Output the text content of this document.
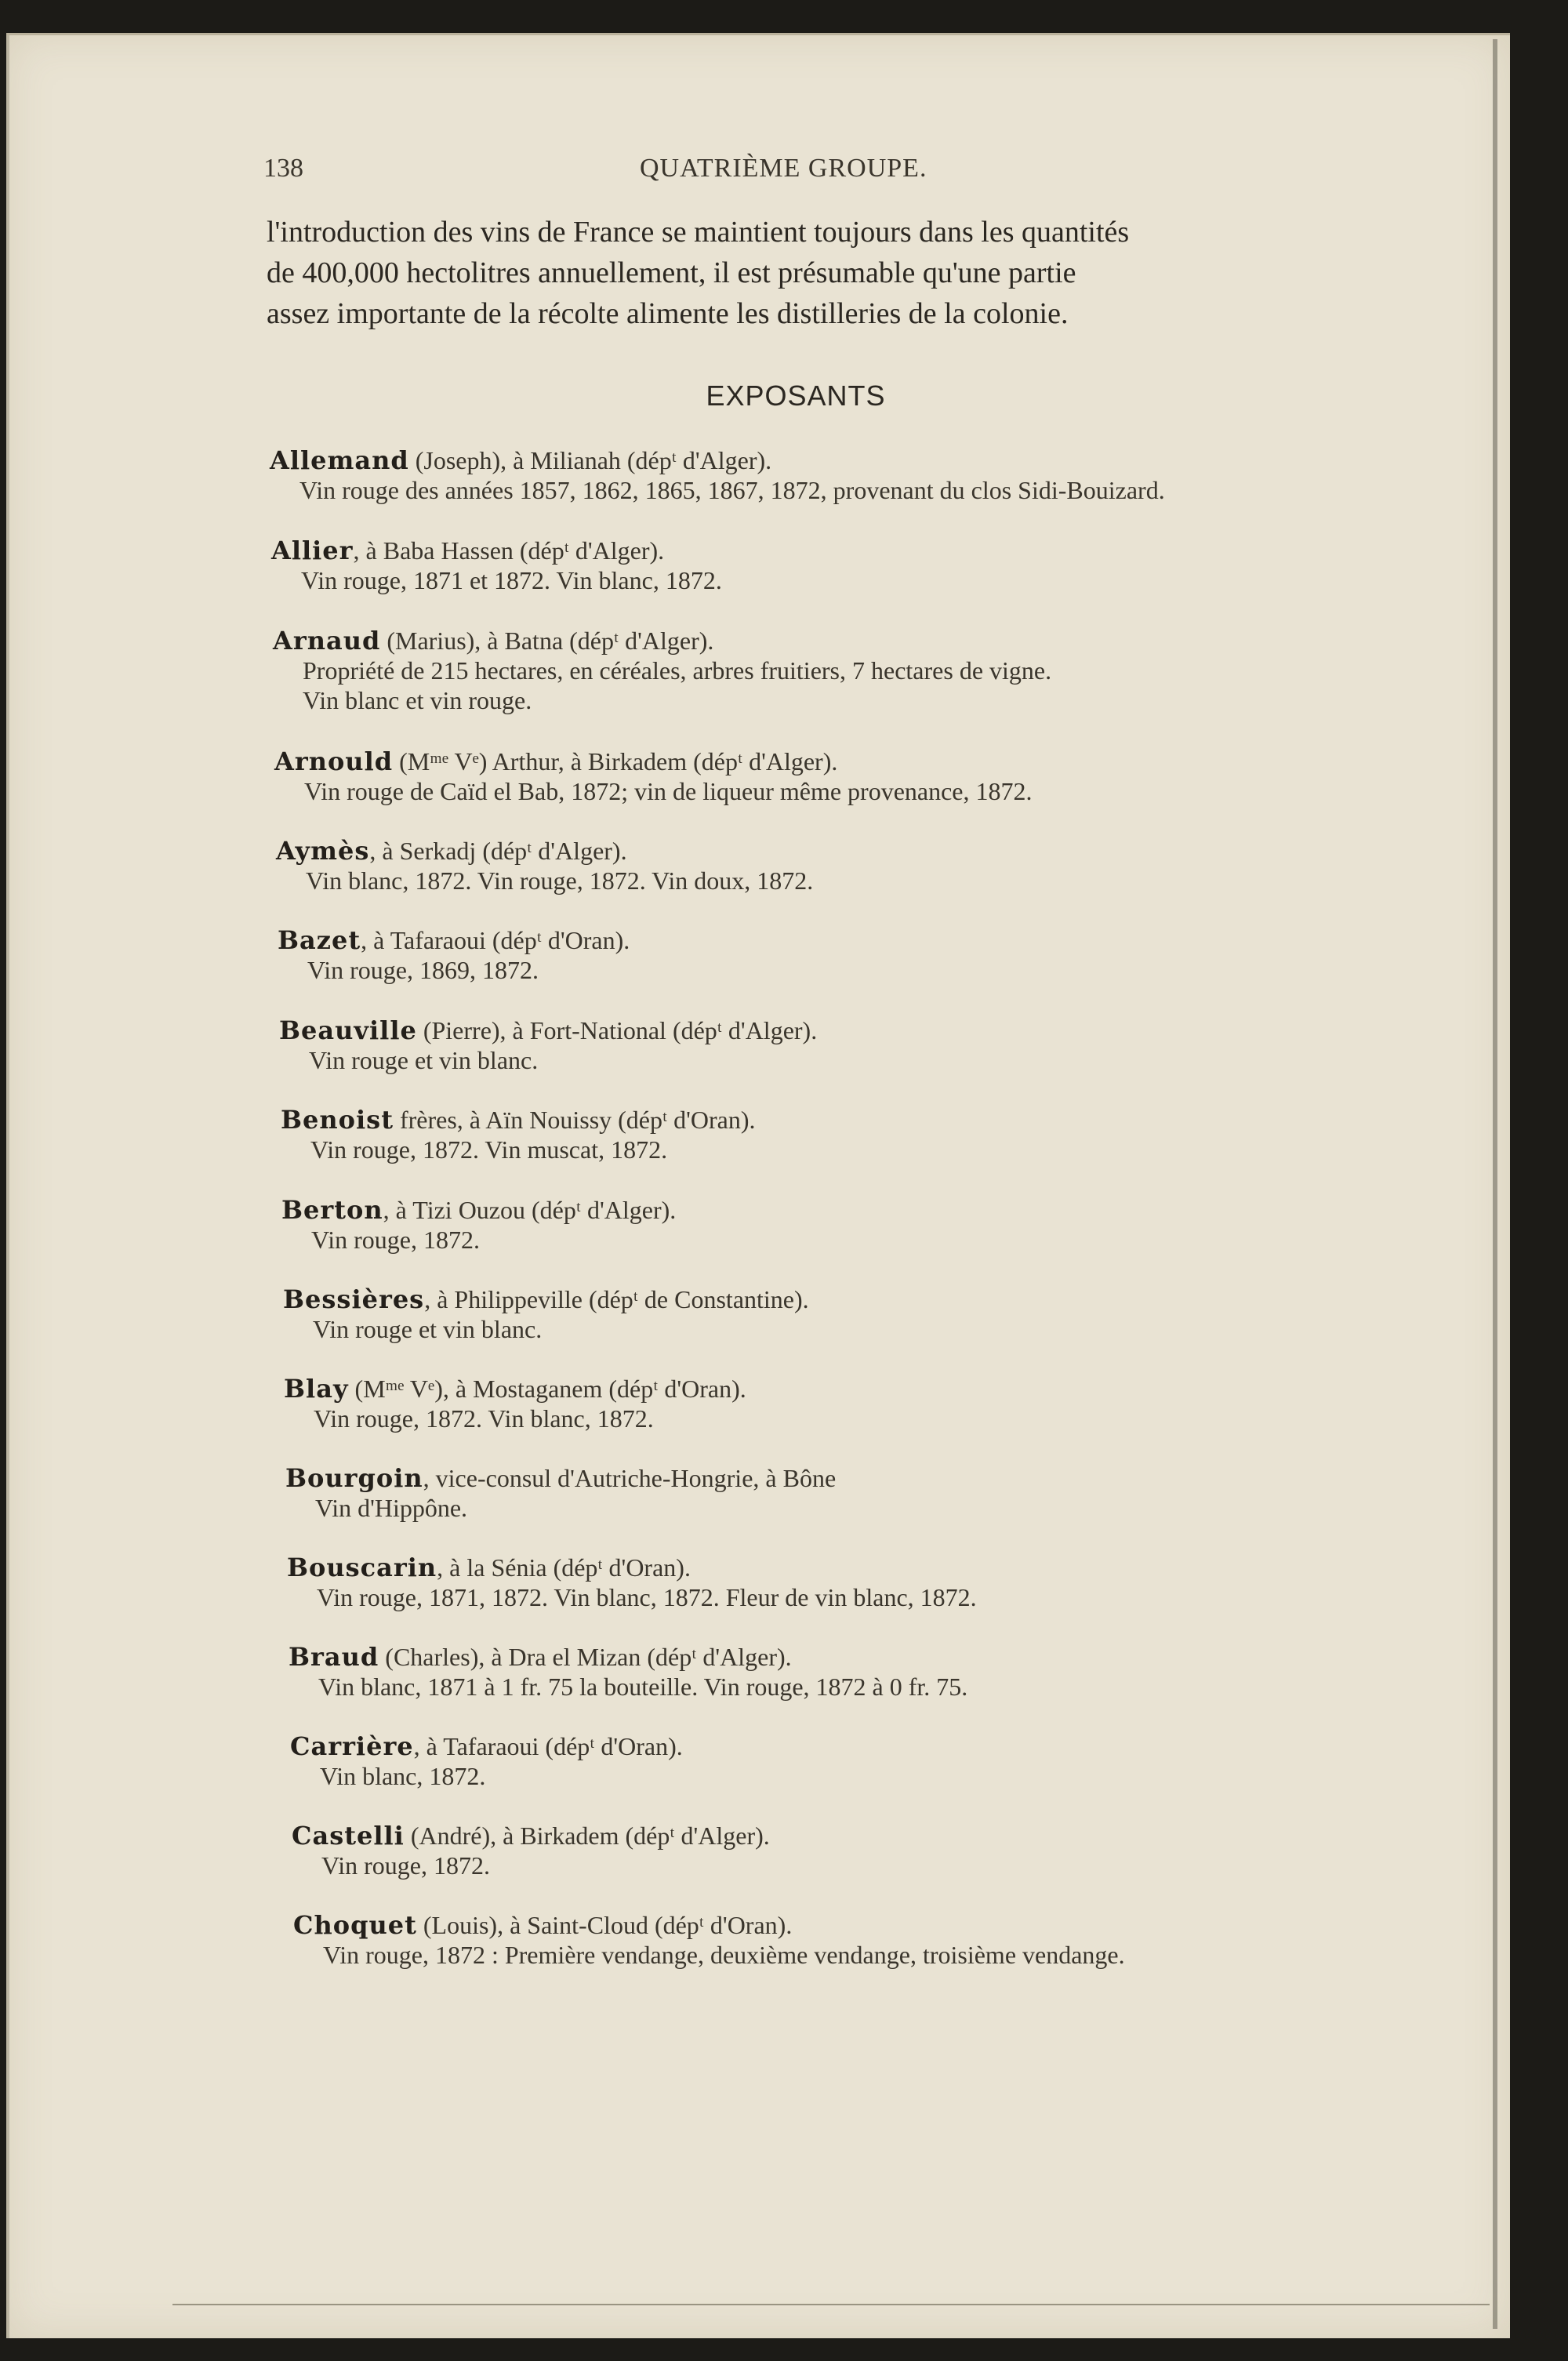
138	QUATRIÈME GROUPE.
l'introduction des vins de France se maintient toujours dans les quantités
de 400,000 hectolitres annuellement, il est présumable qu'une partie
assez importante de la récolte alimente les distilleries de la colonie.
EXPOSANTS
Allemand (Joseph), à Milianah (dépᵗ d'Alger).
Vin rouge des années 1857, 1862, 1865, 1867, 1872, provenant du clos Sidi-Bouizard.
Allier, à Baba Hassen (dépᵗ d'Alger).
Vin rouge, 1871 et 1872. Vin blanc, 1872.
Arnaud (Marius), à Batna (dépᵗ d'Alger).
Propriété de 215 hectares, en céréales, arbres fruitiers, 7 hectares de vigne.
Vin blanc et vin rouge.
Arnould (Mᵐᵉ Vᵉ) Arthur, à Birkadem (dépᵗ d'Alger).
Vin rouge de Caïd el Bab, 1872; vin de liqueur même provenance, 1872.
Aymès, à Serkadj (dépᵗ d'Alger).
Vin blanc, 1872. Vin rouge, 1872. Vin doux, 1872.
Bazet, à Tafaraoui (dépᵗ d'Oran).
Vin rouge, 1869, 1872.
Beauville (Pierre), à Fort-National (dépᵗ d'Alger).
Vin rouge et vin blanc.
Benoist frères, à Aïn Nouissy (dépᵗ d'Oran).
Vin rouge, 1872. Vin muscat, 1872.
Berton, à Tizi Ouzou (dépᵗ d'Alger).
Vin rouge, 1872.
Bessières, à Philippeville (dépᵗ de Constantine).
Vin rouge et vin blanc.
Blay (Mᵐᵉ Vᵉ), à Mostaganem (dépᵗ d'Oran).
Vin rouge, 1872. Vin blanc, 1872.
Bourgoin, vice-consul d'Autriche-Hongrie, à Bône
Vin d'Hippône.
Bouscarin, à la Sénia (dépᵗ d'Oran).
Vin rouge, 1871, 1872. Vin blanc, 1872. Fleur de vin blanc, 1872.
Braud (Charles), à Dra el Mizan (dépᵗ d'Alger).
Vin blanc, 1871 à 1 fr. 75 la bouteille. Vin rouge, 1872 à 0 fr. 75.
Carrière, à Tafaraoui (dépᵗ d'Oran).
Vin blanc, 1872.
Castelli (André), à Birkadem (dépᵗ d'Alger).
Vin rouge, 1872.
Choquet (Louis), à Saint-Cloud (dépᵗ d'Oran).
Vin rouge, 1872 : Première vendange, deuxième vendange, troisième vendange.
